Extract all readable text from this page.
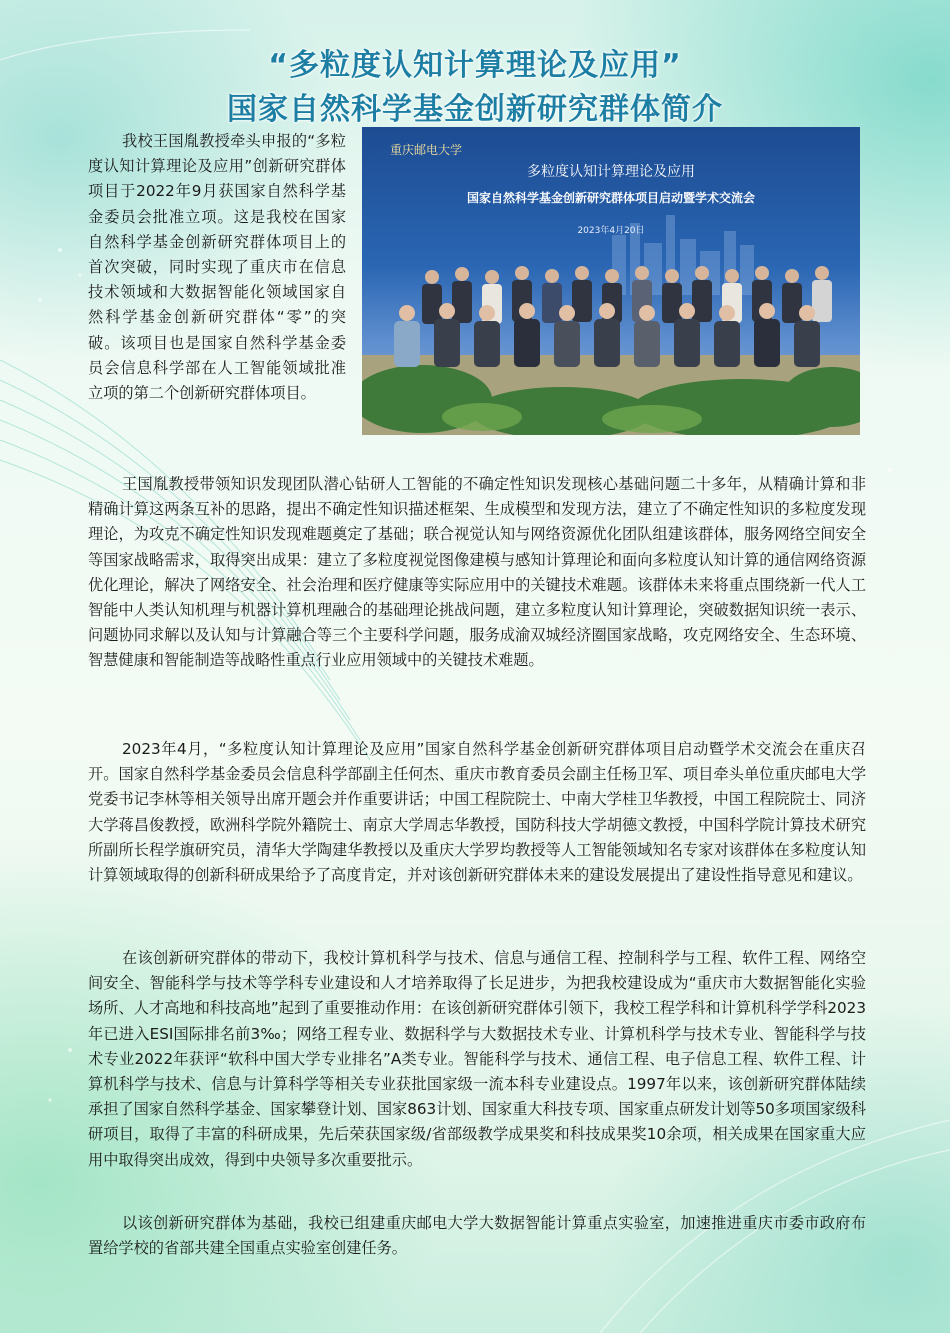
“多粒度认知计算理论及应用”
国家自然科学基金创新研究群体简介
重庆邮电大学
多粒度认知计算理论及应用
国家自然科学基金创新研究群体项目启动暨学术交流会
2023年4月20日

我校王国胤教授牵头申报的“多粒度认知计算理论及应用”创新研究群体项目于2022年9月获国家自然科学基金委员会批准立项。这是我校在国家自然科学基金创新研究群体项目上的首次突破，同时实现了重庆市在信息技术领域和大数据智能化领域国家自然科学基金创新研究群体“零”的突破。该项目也是国家自然科学基金委员会信息科学部在人工智能领域批准立项的第二个创新研究群体项目。

王国胤教授带领知识发现团队潜心钻研人工智能的不确定性知识发现核心基础问题二十多年，从精确计算和非精确计算这两条互补的思路，提出不确定性知识描述框架、生成模型和发现方法，建立了不确定性知识的多粒度发现理论，为攻克不确定性知识发现难题奠定了基础；联合视觉认知与网络资源优化团队组建该群体，服务网络空间安全等国家战略需求，取得突出成果：建立了多粒度视觉图像建模与感知计算理论和面向多粒度认知计算的通信网络资源优化理论，解决了网络安全、社会治理和医疗健康等实际应用中的关键技术难题。该群体未来将重点围绕新一代人工智能中人类认知机理与机器计算机理融合的基础理论挑战问题，建立多粒度认知计算理论，突破数据知识统一表示、问题协同求解以及认知与计算融合等三个主要科学问题，服务成渝双城经济圈国家战略，攻克网络安全、生态环境、智慧健康和智能制造等战略性重点行业应用领域中的关键技术难题。

2023年4月，“多粒度认知计算理论及应用”国家自然科学基金创新研究群体项目启动暨学术交流会在重庆召开。国家自然科学基金委员会信息科学部副主任何杰、重庆市教育委员会副主任杨卫军、项目牵头单位重庆邮电大学党委书记李林等相关领导出席开题会并作重要讲话；中国工程院院士、中南大学桂卫华教授，中国工程院院士、同济大学蒋昌俊教授，欧洲科学院外籍院士、南京大学周志华教授，国防科技大学胡德文教授，中国科学院计算技术研究所副所长程学旗研究员，清华大学陶建华教授以及重庆大学罗均教授等人工智能领域知名专家对该群体在多粒度认知计算领域取得的创新科研成果给予了高度肯定，并对该创新研究群体未来的建设发展提出了建设性指导意见和建议。

在该创新研究群体的带动下，我校计算机科学与技术、信息与通信工程、控制科学与工程、软件工程、网络空间安全、智能科学与技术等学科专业建设和人才培养取得了长足进步，为把我校建设成为“重庆市大数据智能化实验场所、人才高地和科技高地”起到了重要推动作用：在该创新研究群体引领下，我校工程学科和计算机科学学科2023年已进入ESI国际排名前3‰；网络工程专业、数据科学与大数据技术专业、计算机科学与技术专业、智能科学与技术专业2022年获评“软科中国大学专业排名”A类专业。智能科学与技术、通信工程、电子信息工程、软件工程、计算机科学与技术、信息与计算科学等相关专业获批国家级一流本科专业建设点。1997年以来，该创新研究群体陆续承担了国家自然科学基金、国家攀登计划、国家863计划、国家重大科技专项、国家重点研发计划等50多项国家级科研项目，取得了丰富的科研成果，先后荣获国家级/省部级教学成果奖和科技成果奖10余项，相关成果在国家重大应用中取得突出成效，得到中央领导多次重要批示。

以该创新研究群体为基础，我校已组建重庆邮电大学大数据智能计算重点实验室，加速推进重庆市委市政府布置给学校的省部共建全国重点实验室创建任务。
